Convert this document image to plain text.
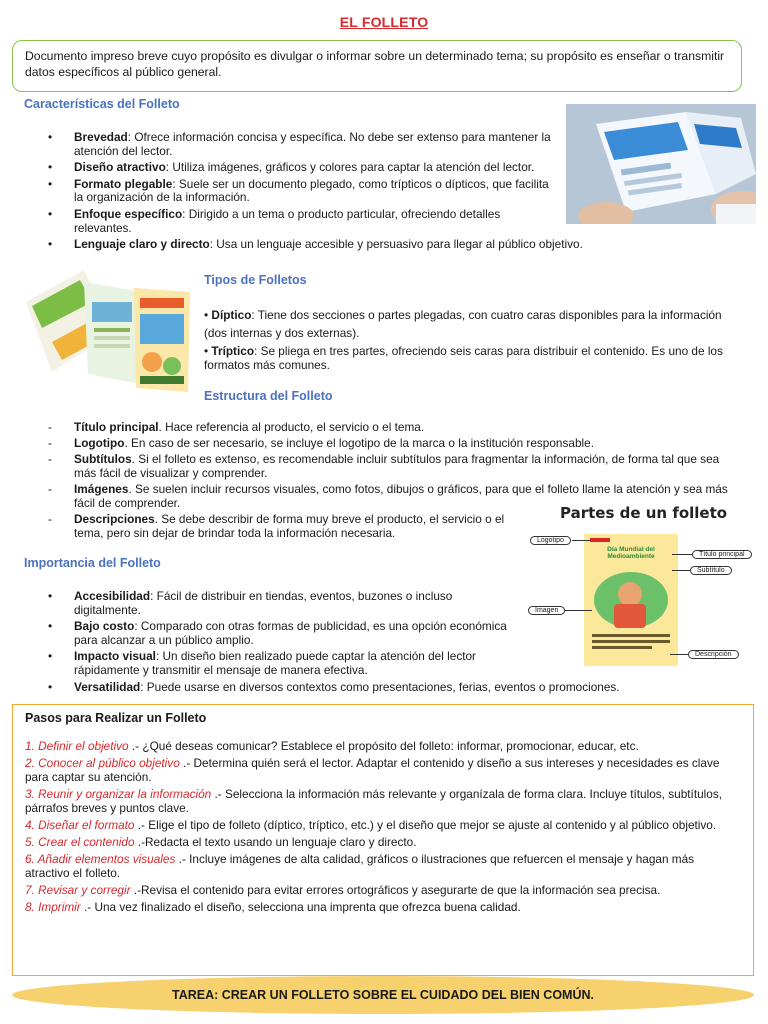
EL FOLLETO
Documento impreso breve cuyo propósito es divulgar o informar sobre un determinado tema; su propósito es enseñar o transmitir datos específicos al público general.
Características del Folleto
• Brevedad: Ofrece información concisa y específica. No debe ser extenso para mantener la atención del lector.
• Diseño atractivo: Utiliza imágenes, gráficos y colores para captar la atención del lector.
• Formato plegable: Suele ser un documento plegado, como trípticos o dípticos, que facilita la organización de la información.
• Enfoque específico: Dirigido a un tema o producto particular, ofreciendo detalles relevantes.
• Lenguaje claro y directo: Usa un lenguaje accesible y persuasivo para llegar al público objetivo.
Tipos de Folletos
• Díptico: Tiene dos secciones o partes plegadas, con cuatro caras disponibles para la información (dos internas y dos externas).
• Tríptico: Se pliega en tres partes, ofreciendo seis caras para distribuir el contenido. Es uno de los formatos más comunes.
Estructura del Folleto
- Título principal. Hace referencia al producto, el servicio o el tema.
- Logotipo. En caso de ser necesario, se incluye el logotipo de la marca o la institución responsable.
- Subtítulos. Si el folleto es extenso, es recomendable incluir subtítulos para fragmentar la información, de forma tal que sea más fácil de visualizar y comprender.
- Imágenes. Se suelen incluir recursos visuales, como fotos, dibujos o gráficos, para que el folleto llame la atención y sea más fácil de comprender.
- Descripciones. Se debe describir de forma muy breve el producto, el servicio o el tema, pero sin dejar de brindar toda la información necesaria.
Partes de un folleto
Día Mundial del Medioambiente
Logotipo
Título principal
Subtítulo
Imagen
Descripción
Importancia del Folleto
• Accesibilidad: Fácil de distribuir en tiendas, eventos, buzones o incluso digitalmente.
• Bajo costo: Comparado con otras formas de publicidad, es una opción económica para alcanzar a un público amplio.
• Impacto visual: Un diseño bien realizado puede captar la atención del lector rápidamente y transmitir el mensaje de manera efectiva.
• Versatilidad: Puede usarse en diversos contextos como presentaciones, ferias, eventos o promociones.
Pasos para Realizar un Folleto
1. Definir el objetivo .- ¿Qué deseas comunicar? Establece el propósito del folleto: informar, promocionar, educar, etc.
2. Conocer al público objetivo .- Determina quién será el lector. Adaptar el contenido y diseño a sus intereses y necesidades es clave para captar su atención.
3. Reunir y organizar la información .- Selecciona la información más relevante y organízala de forma clara. Incluye títulos, subtítulos, párrafos breves y puntos clave.
4. Diseñar el formato .- Elige el tipo de folleto (díptico, tríptico, etc.) y el diseño que mejor se ajuste al contenido y al público objetivo.
5. Crear el contenido .-Redacta el texto usando un lenguaje claro y directo.
6. Añadir elementos visuales .- Incluye imágenes de alta calidad, gráficos o ilustraciones que refuercen el mensaje y hagan más atractivo el folleto.
7. Revisar y corregir .-Revisa el contenido para evitar errores ortográficos y asegurarte de que la información sea precisa.
8. Imprimir .- Una vez finalizado el diseño, selecciona una imprenta que ofrezca buena calidad.
TAREA: CREAR UN FOLLETO SOBRE EL CUIDADO DEL BIEN COMÚN.
